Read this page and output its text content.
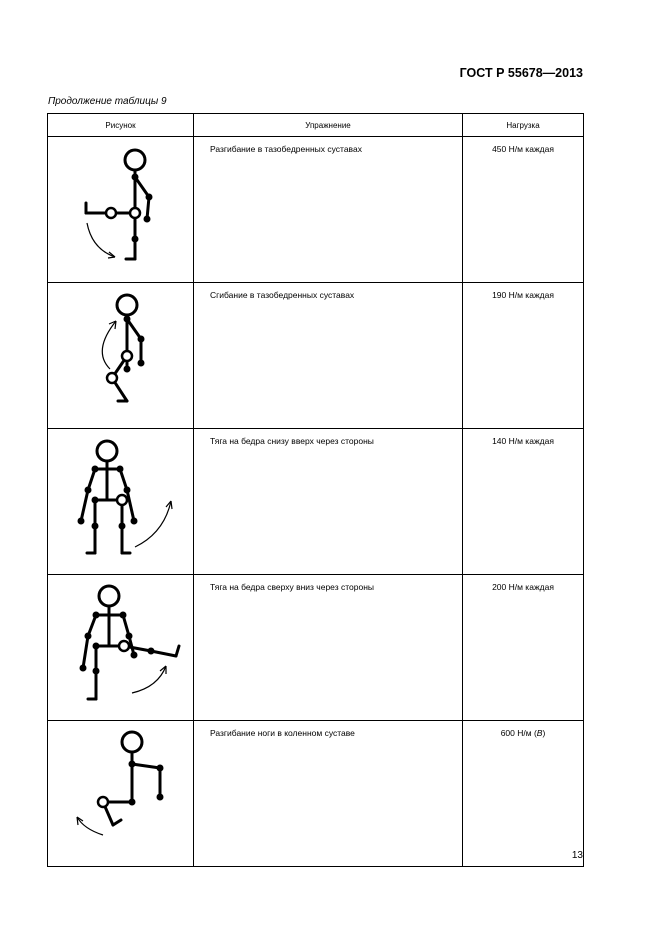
ГОСТ Р 55678—2013
Продолжение таблицы 9
Рисунок	Упражнение	Нагрузка

	Разгибание в тазобедренных суставах	450 Н/м каждая

	Сгибание в тазобедренных суставах	190 Н/м каждая

	Тяга на бедра снизу вверх через стороны	140 Н/м каждая

	Тяга на бедра сверху вниз через стороны	200 Н/м каждая

	Разгибание ноги в коленном суставе	600 Н/м (B)
13
